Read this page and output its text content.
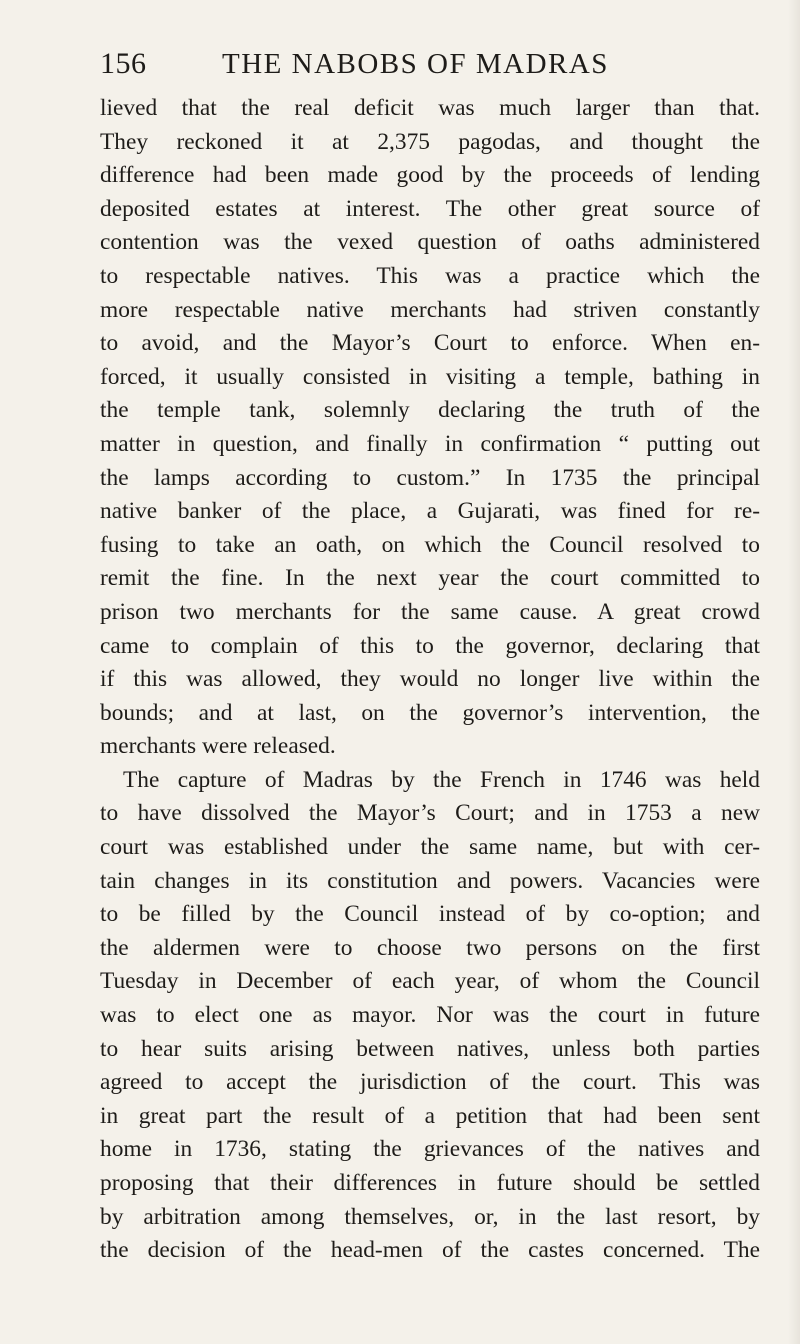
156	THE NABOBS OF MADRAS
lieved that the real deficit was much larger than that.
They reckoned it at 2,375 pagodas, and thought the
difference had been made good by the proceeds of lending
deposited estates at interest. The other great source of
contention was the vexed question of oaths administered
to respectable natives. This was a practice which the
more respectable native merchants had striven constantly
to avoid, and the Mayor’s Court to enforce. When en-
forced, it usually consisted in visiting a temple, bathing in
the temple tank, solemnly declaring the truth of the
matter in question, and finally in confirmation “ putting out
the lamps according to custom.” In 1735 the principal
native banker of the place, a Gujarati, was fined for re-
fusing to take an oath, on which the Council resolved to
remit the fine. In the next year the court committed to
prison two merchants for the same cause. A great crowd
came to complain of this to the governor, declaring that
if this was allowed, they would no longer live within the
bounds; and at last, on the governor’s intervention, the
merchants were released.
The capture of Madras by the French in 1746 was held
to have dissolved the Mayor’s Court; and in 1753 a new
court was established under the same name, but with cer-
tain changes in its constitution and powers. Vacancies were
to be filled by the Council instead of by co-option; and
the aldermen were to choose two persons on the first
Tuesday in December of each year, of whom the Council
was to elect one as mayor. Nor was the court in future
to hear suits arising between natives, unless both parties
agreed to accept the jurisdiction of the court. This was
in great part the result of a petition that had been sent
home in 1736, stating the grievances of the natives and
proposing that their differences in future should be settled
by arbitration among themselves, or, in the last resort, by
the decision of the head-men of the castes concerned. The
